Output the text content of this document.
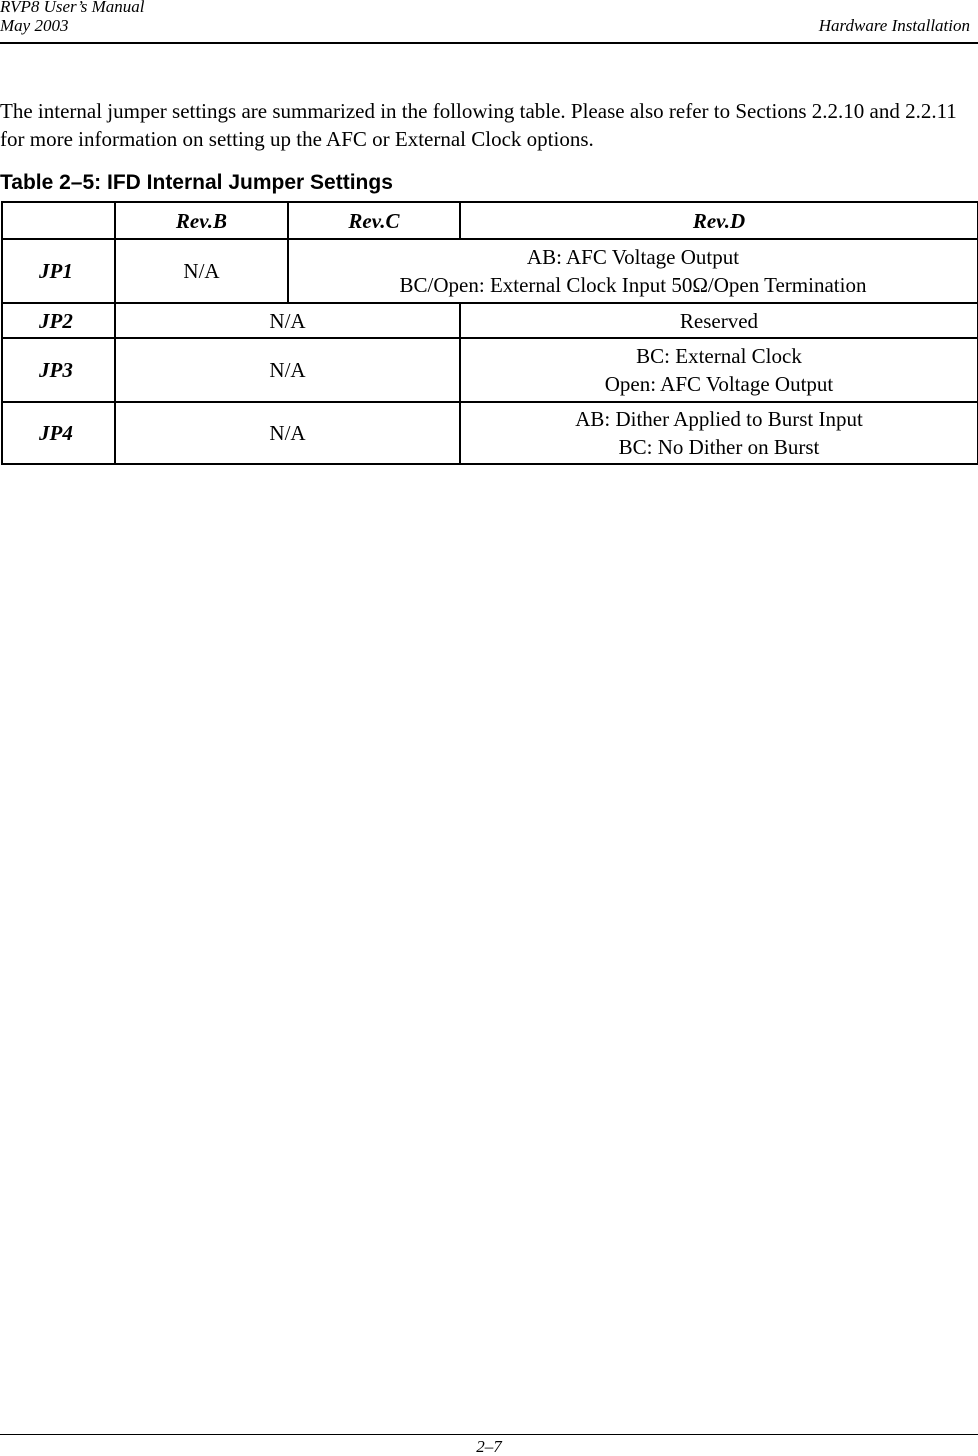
RVP8 User’s Manual
May 2003	Hardware Installation

The internal jumper settings are summarized in the following table. Please also refer to Sections 2.2.10 and 2.2.11 for more information on setting up the AFC or External Clock options.

Table 2–5: IFD Internal Jumper Settings

	Rev.B	Rev.C	Rev.D
JP1	N/A	AB: AFC Voltage Output
BC/Open: External Clock Input 50Ω/Open Termination	

JP2	N/A		Reserved

JP3	N/A		BC: External Clock
Open: AFC Voltage Output

JP4	N/A		AB: Dither Applied to Burst Input
BC: No Dither on Burst
2–7
